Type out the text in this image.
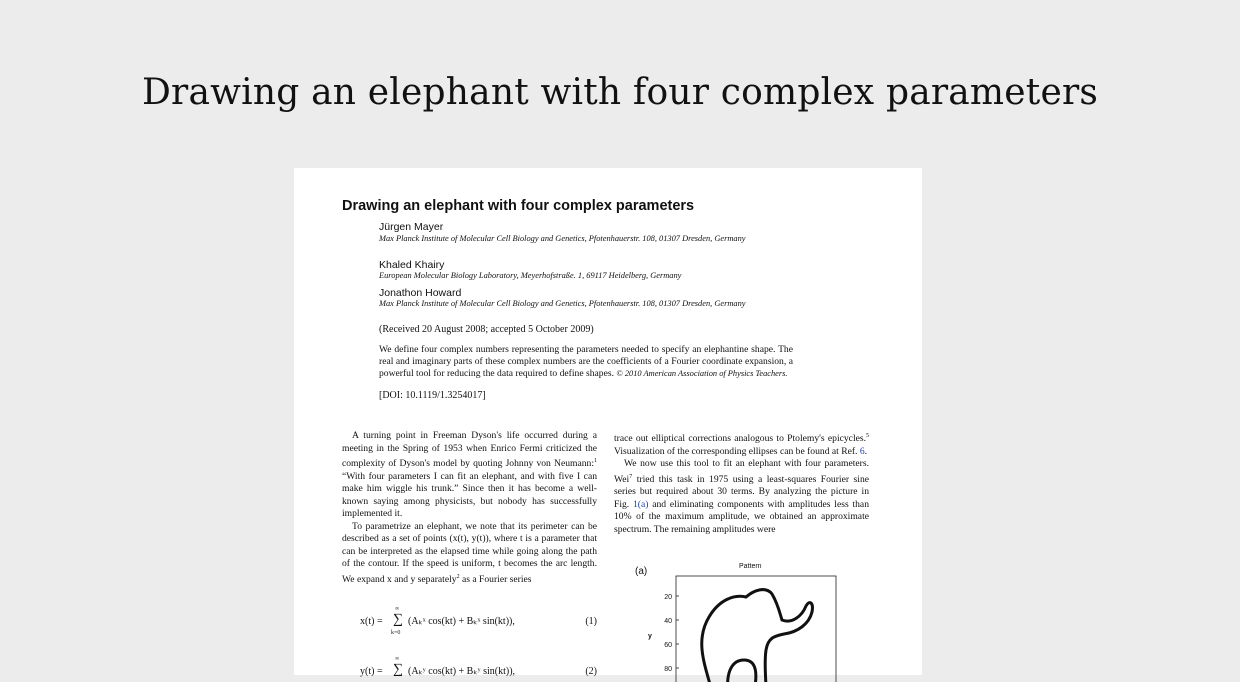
Drawing an elephant with four complex parameters
Drawing an elephant with four complex parameters
Jürgen Mayer
Max Planck Institute of Molecular Cell Biology and Genetics, Pfotenhauerstr. 108, 01307 Dresden, Germany
Khaled Khairy
European Molecular Biology Laboratory, Meyerhofstraße. 1, 69117 Heidelberg, Germany
Jonathon Howard
Max Planck Institute of Molecular Cell Biology and Genetics, Pfotenhauerstr. 108, 01307 Dresden, Germany
(Received 20 August 2008; accepted 5 October 2009)
We define four complex numbers representing the parameters needed to specify an elephantine shape. The real and imaginary parts of these complex numbers are the coefficients of a Fourier coordinate expansion, a powerful tool for reducing the data required to define shapes. © 2010 American Association of Physics Teachers.
[DOI: 10.1119/1.3254017]

A turning point in Freeman Dyson's life occurred during a meeting in the Spring of 1953 when Enrico Fermi criticized the complexity of Dyson's model by quoting Johnny von Neumann:$^1$ “With four parameters I can fit an elephant, and with five I can make him wiggle his trunk.” Since then it has become a well-known saying among physicists, but nobody has successfully implemented it.

To parametrize an elephant, we note that its perimeter can be described as a set of points (x(t), y(t)), where t is a parameter that can be interpreted as the elapsed time while going along the path of the contour. If the speed is uniform, t becomes the arc length. We expand x and y separately$^2$ as a Fourier series

x(t) =
∞
∑
k=0
(Aₖˣ cos(kt) + Bₖˣ sin(kt)),	(1)
∞
y(t) = ∑ (Aₖʸ cos(kt) + Bₖʸ sin(kt)),	(2)

trace out elliptical corrections analogous to Ptolemy's epicycles.$^5$ Visualization of the corresponding ellipses can be found at Ref. 6.

We now use this tool to fit an elephant with four parameters. Wei$^7$ tried this task in 1975 using a least-squares Fourier sine series but required about 30 terms. By analyzing the picture in Fig. 1(a) and eliminating components with amplitudes less than 10% of the maximum amplitude, we obtained an approximate spectrum. The remaining amplitudes were

(a)	Pattern
20
40
60
80
y
